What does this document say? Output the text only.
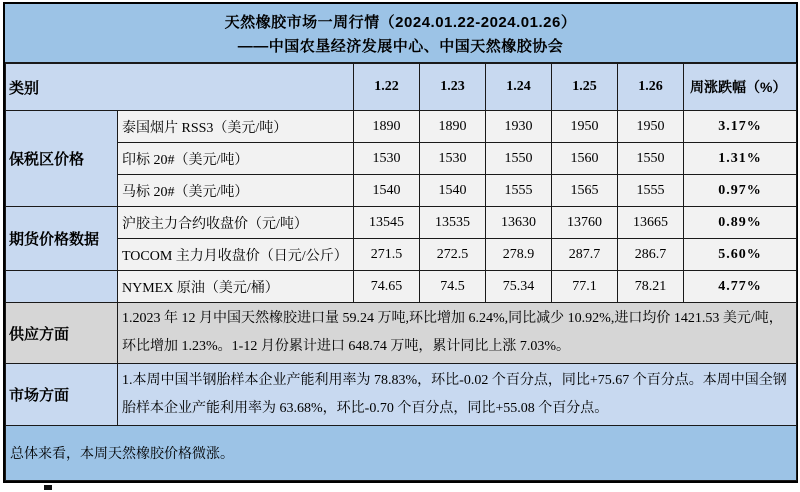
天然橡胶市场一周行情（2024.01.22-2024.01.26）
——中国农垦经济发展中心、中国天然橡胶协会
类别		1.22	1.23	1.24	1.25	1.26	周涨跌幅（%）
保税区价格	泰国烟片 RSS3（美元/吨）	1890	1890	1930	1950	1950	3.17%
	印标 20#（美元/吨）	1530	1530	1550	1560	1550	1.31%
	马标 20#（美元/吨）	1540	1540	1555	1565	1555	0.97%
期货价格数据	沪胶主力合约收盘价（元/吨）	13545	13535	13630	13760	13665	0.89%
	TOCOM 主力月收盘价（日元/公斤）	271.5	272.5	278.9	287.7	286.7	5.60%
	NYMEX 原油（美元/桶）	74.65	74.5	75.34	77.1	78.21	4.77%
供应方面	1.2023 年 12 月中国天然橡胶进口量 59.24 万吨,环比增加 6.24%,同比减少 10.92%,进口均价 1421.53 美元/吨，环比增加 1.23%。1-12 月份累计进口 648.74 万吨，累计同比上涨 7.03%。						
市场方面	1.本周中国半钢胎样本企业产能利用率为 78.83%，环比-0.02 个百分点，同比+75.67 个百分点。本周中国全钢胎样本企业产能利用率为 63.68%，环比-0.70 个百分点，同比+55.08 个百分点。						
总体来看，本周天然橡胶价格微涨。							
